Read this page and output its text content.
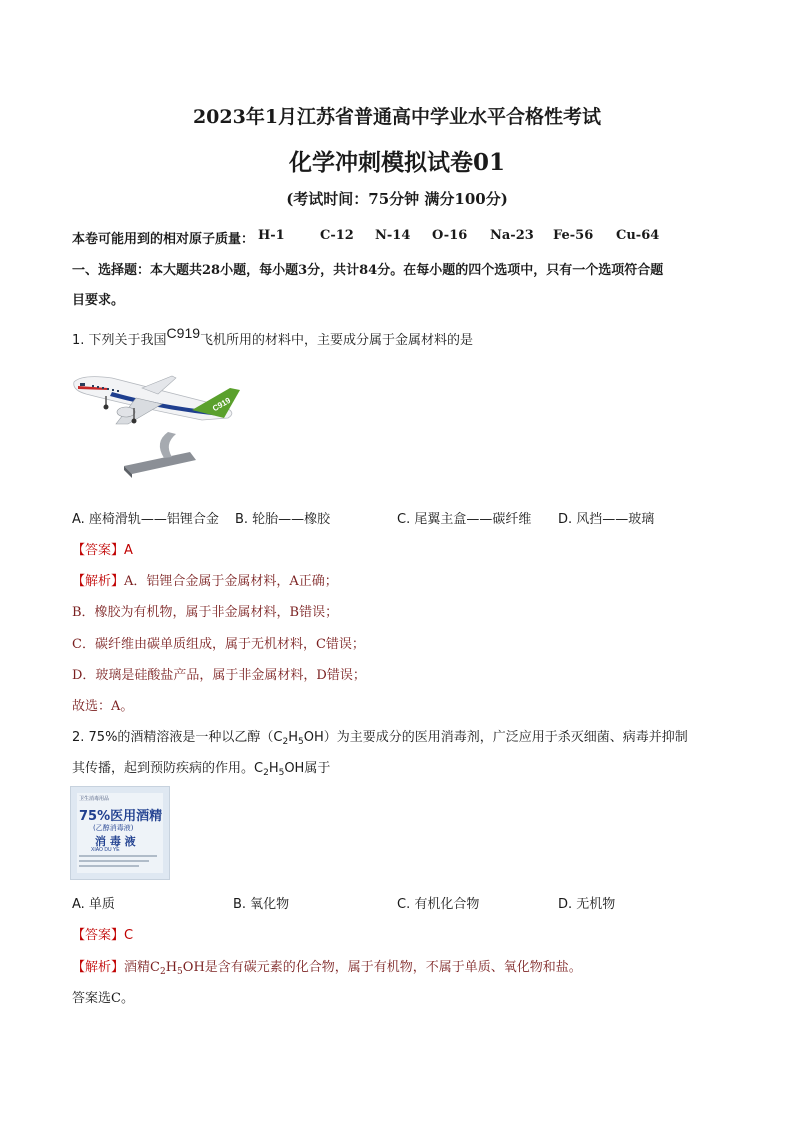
2023年1月江苏省普通高中学业水平合格性考试
化学冲刺模拟试卷01
(考试时间：75分钟 满分100分)
本卷可能用到的相对原子质量： H-1	C-12 N-14 O-16 Na-23 Fe-56 Cu-64
一、选择题：本大题共28小题，每小题3分，共计84分。在每小题的四个选项中，只有一个选项符合题
目要求。
1. 下列关于我国C919飞机所用的材料中，主要成分属于金属材料的是
C919
A. 座椅滑轨——铝锂合金 B. 轮胎——橡胶	C. 尾翼主盒——碳纤维 D. 风挡——玻璃
【答案】A
【解析】A．铝锂合金属于金属材料，A正确；
B．橡胶为有机物，属于非金属材料，B错误；
C．碳纤维由碳单质组成，属于无机材料，C错误；
D．玻璃是硅酸盐产品，属于非金属材料，D错误；
故选：A。
2. 75%的酒精溶液是一种以乙醇$(C_2H_5OH)$为主要成分的医用消毒剂，广泛应用于杀灭细菌、病毒并抑制
其传播，起到预防疾病的作用。$C_2H_5OH$属于
卫生消毒用品
75%医用酒精
(乙醇消毒液)
消 毒 液
XIAO DU YE
A. 单质	B. 氧化物	C. 有机化合物	D. 无机物
【答案】C
【解析】酒精$C_2H_5OH$是含有碳元素的化合物，属于有机物，不属于单质、氧化物和盐。
答案选C。
